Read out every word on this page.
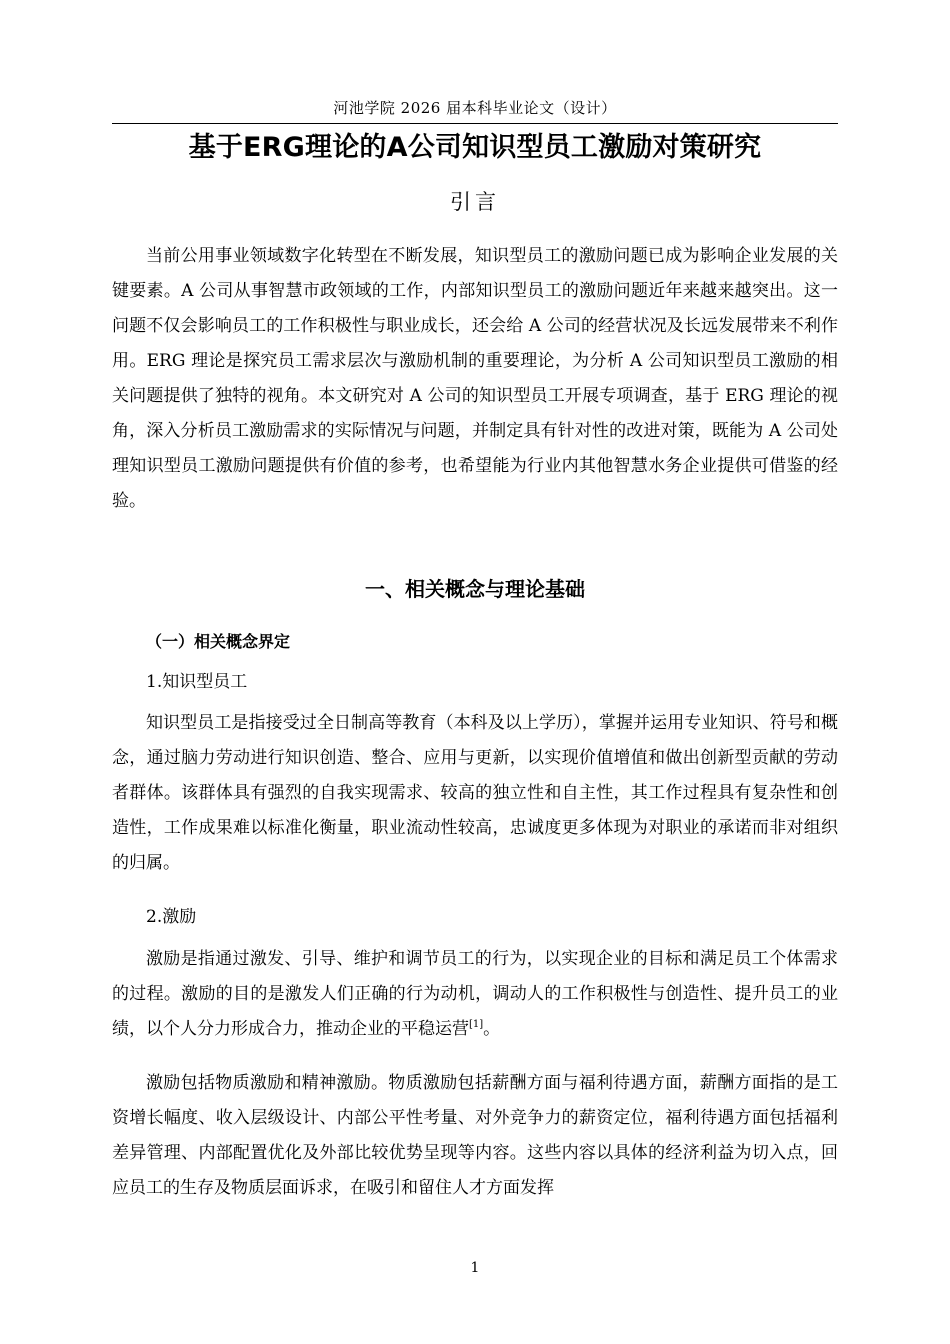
河池学院 2026 届本科毕业论文（设计）
基于ERG理论的A公司知识型员工激励对策研究
引言

当前公用事业领域数字化转型在不断发展，知识型员工的激励问题已成为影响企业发展的关键要素。A 公司从事智慧市政领域的工作，内部知识型员工的激励问题近年来越来越突出。这一问题不仅会影响员工的工作积极性与职业成长，还会给 A 公司的经营状况及长远发展带来不利作用。ERG 理论是探究员工需求层次与激励机制的重要理论，为分析 A 公司知识型员工激励的相关问题提供了独特的视角。本文研究对 A 公司的知识型员工开展专项调查，基于 ERG 理论的视角，深入分析员工激励需求的实际情况与问题，并制定具有针对性的改进对策，既能为 A 公司处理知识型员工激励问题提供有价值的参考，也希望能为行业内其他智慧水务企业提供可借鉴的经验。

一、相关概念与理论基础
（一）相关概念界定
1.知识型员工

知识型员工是指接受过全日制高等教育（本科及以上学历），掌握并运用专业知识、符号和概念，通过脑力劳动进行知识创造、整合、应用与更新，以实现价值增值和做出创新型贡献的劳动者群体。该群体具有强烈的自我实现需求、较高的独立性和自主性，其工作过程具有复杂性和创造性，工作成果难以标准化衡量，职业流动性较高，忠诚度更多体现为对职业的承诺而非对组织的归属。

2.激励

激励是指通过激发、引导、维护和调节员工的行为，以实现企业的目标和满足员工个体需求的过程。激励的目的是激发人们正确的行为动机，调动人的工作积极性与创造性、提升员工的业绩，以个人分力形成合力，推动企业的平稳运营[1]。

激励包括物质激励和精神激励。物质激励包括薪酬方面与福利待遇方面，薪酬方面指的是工资增长幅度、收入层级设计、内部公平性考量、对外竞争力的薪资定位，福利待遇方面包括福利差异管理、内部配置优化及外部比较优势呈现等内容。这些内容以具体的经济利益为切入点，回应员工的生存及物质层面诉求，在吸引和留住人才方面发挥

1
